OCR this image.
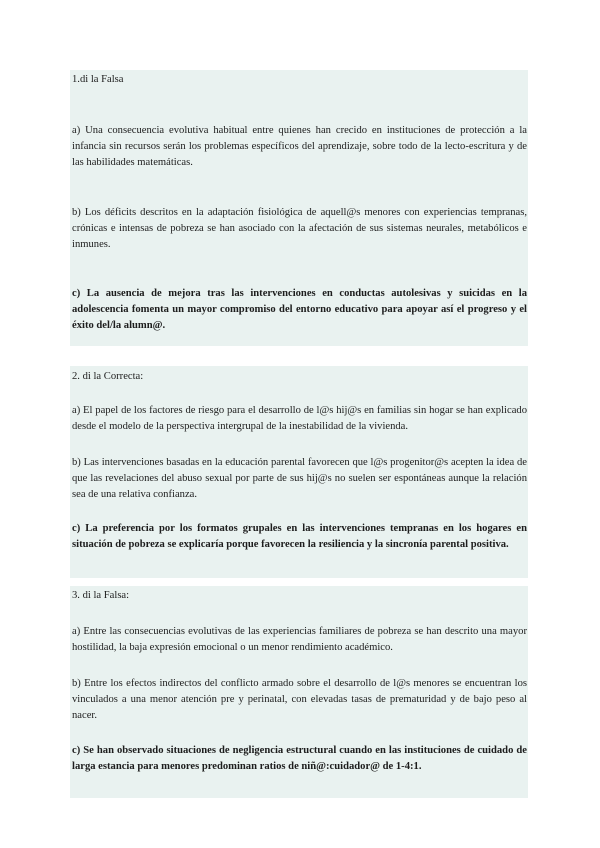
1.di la Falsa

a) Una consecuencia evolutiva habitual entre quienes han crecido en instituciones de protección a la infancia sin recursos serán los problemas específicos del aprendizaje, sobre todo de la lecto-escritura y de las habilidades matemáticas.

b) Los déficits descritos en la adaptación fisiológica de aquell@s menores con experiencias tempranas, crónicas e intensas de pobreza se han asociado con la afectación de sus sistemas neurales, metabólicos e inmunes.

c) La ausencia de mejora tras las intervenciones en conductas autolesivas y suicidas en la adolescencia fomenta un mayor compromiso del entorno educativo para apoyar así el progreso y el éxito del/la alumn@.

2. di la Correcta:

a) El papel de los factores de riesgo para el desarrollo de l@s hij@s en familias sin hogar se han explicado desde el modelo de la perspectiva intergrupal de la inestabilidad de la vivienda.

b) Las intervenciones basadas en la educación parental favorecen que l@s progenitor@s acepten la idea de que las revelaciones del abuso sexual por parte de sus hij@s no suelen ser espontáneas aunque la relación sea de una relativa confianza.

c) La preferencia por los formatos grupales en las intervenciones tempranas en los hogares en situación de pobreza se explicaría porque favorecen la resiliencia y la sincronía parental positiva.

3. di la Falsa:

a) Entre las consecuencias evolutivas de las experiencias familiares de pobreza se han descrito una mayor hostilidad, la baja expresión emocional o un menor rendimiento académico.

b) Entre los efectos indirectos del conflicto armado sobre el desarrollo de l@s menores se encuentran los vinculados a una menor atención pre y perinatal, con elevadas tasas de prematuridad y de bajo peso al nacer.

c) Se han observado situaciones de negligencia estructural cuando en las instituciones de cuidado de larga estancia para menores predominan ratios de niñ@:cuidador@ de 1-4:1.
